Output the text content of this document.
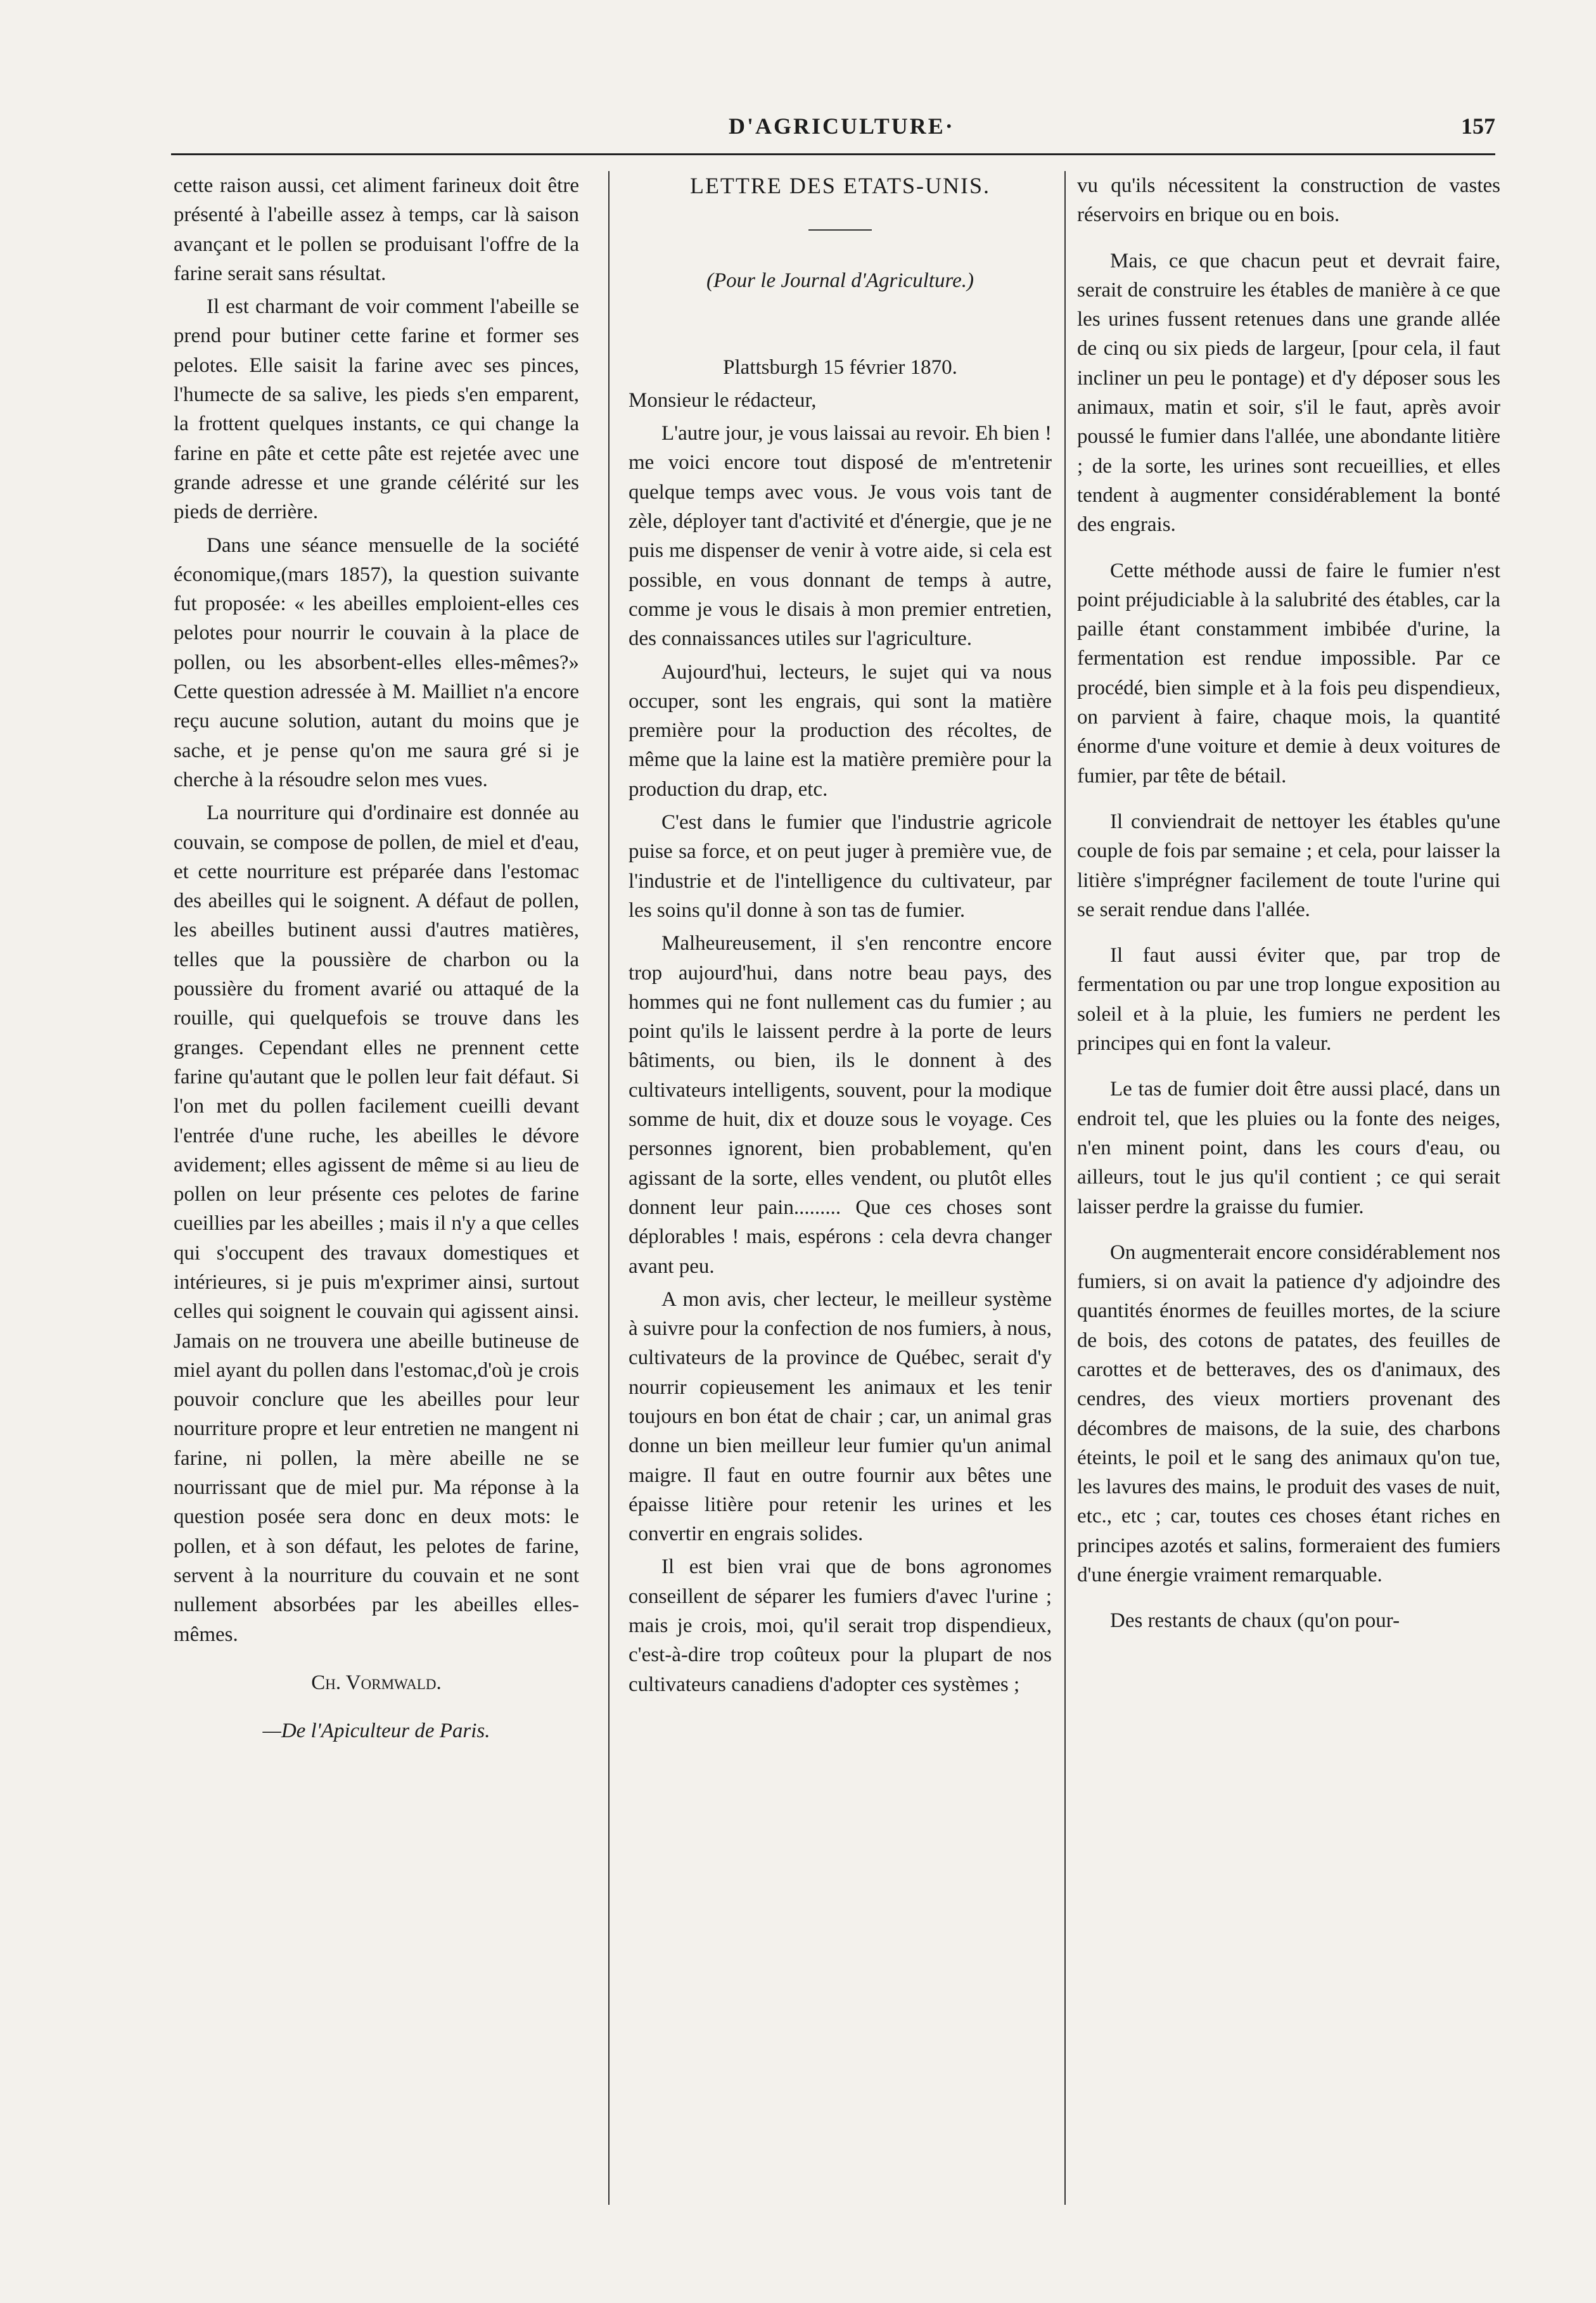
D'AGRICULTURE·	157

cette raison aussi, cet aliment farineux doit être présenté à l'abeille assez à temps, car là saison avançant et le pollen se produisant l'offre de la farine serait sans résultat.

Il est charmant de voir comment l'abeille se prend pour butiner cette farine et former ses pelotes. Elle saisit la farine avec ses pinces, l'humecte de sa salive, les pieds s'en emparent, la frottent quelques instants, ce qui change la farine en pâte et cette pâte est rejetée avec une grande adresse et une grande célérité sur les pieds de derrière.

Dans une séance mensuelle de la société économique,(mars 1857), la question suivante fut proposée: « les abeilles emploient-elles ces pelotes pour nourrir le couvain à la place de pollen, ou les absorbent-elles elles-mêmes?» Cette question adressée à M. Mailliet n'a encore reçu aucune solution, autant du moins que je sache, et je pense qu'on me saura gré si je cherche à la résoudre selon mes vues.

La nourriture qui d'ordinaire est donnée au couvain, se compose de pollen, de miel et d'eau, et cette nourriture est préparée dans l'estomac des abeilles qui le soignent. A défaut de pollen, les abeilles butinent aussi d'autres matières, telles que la poussière de charbon ou la poussière du froment avarié ou attaqué de la rouille, qui quelquefois se trouve dans les granges. Cependant elles ne prennent cette farine qu'autant que le pollen leur fait défaut. Si l'on met du pollen facilement cueilli devant l'entrée d'une ruche, les abeilles le dévore avidement; elles agissent de même si au lieu de pollen on leur présente ces pelotes de farine cueillies par les abeilles ; mais il n'y a que celles qui s'occupent des travaux domestiques et intérieures, si je puis m'exprimer ainsi, surtout celles qui soignent le couvain qui agissent ainsi. Jamais on ne trouvera une abeille butineuse de miel ayant du pollen dans l'estomac,d'où je crois pouvoir conclure que les abeilles pour leur nourriture propre et leur entretien ne mangent ni farine, ni pollen, la mère abeille ne se nourrissant que de miel pur. Ma réponse à la question posée sera donc en deux mots: le pollen, et à son défaut, les pelotes de farine, servent à la nourriture du couvain et ne sont nullement absorbées par les abeilles elles-mêmes.

Ch. Vormwald.

—De l'Apiculteur de Paris.

LETTRE DES ETATS-UNIS.
(Pour le Journal d'Agriculture.)

Plattsburgh 15 février 1870.

Monsieur le rédacteur,

L'autre jour, je vous laissai au revoir. Eh bien ! me voici encore tout disposé de m'entretenir quelque temps avec vous. Je vous vois tant de zèle, déployer tant d'activité et d'énergie, que je ne puis me dispenser de venir à votre aide, si cela est possible, en vous donnant de temps à autre, comme je vous le disais à mon premier entretien, des connaissances utiles sur l'agriculture.

Aujourd'hui, lecteurs, le sujet qui va nous occuper, sont les engrais, qui sont la matière première pour la production des récoltes, de même que la laine est la matière première pour la production du drap, etc.

C'est dans le fumier que l'industrie agricole puise sa force, et on peut juger à première vue, de l'industrie et de l'intelligence du cultivateur, par les soins qu'il donne à son tas de fumier.

Malheureusement, il s'en rencontre encore trop aujourd'hui, dans notre beau pays, des hommes qui ne font nullement cas du fumier ; au point qu'ils le laissent perdre à la porte de leurs bâtiments, ou bien, ils le donnent à des cultivateurs intelligents, souvent, pour la modique somme de huit, dix et douze sous le voyage. Ces personnes ignorent, bien probablement, qu'en agissant de la sorte, elles vendent, ou plutôt elles donnent leur pain......... Que ces choses sont déplorables ! mais, espérons : cela devra changer avant peu.

A mon avis, cher lecteur, le meilleur système à suivre pour la confection de nos fumiers, à nous, cultivateurs de la province de Québec, serait d'y nourrir copieusement les animaux et les tenir toujours en bon état de chair ; car, un animal gras donne un bien meilleur leur fumier qu'un animal maigre. Il faut en outre fournir aux bêtes une épaisse litière pour retenir les urines et les convertir en engrais solides.

Il est bien vrai que de bons agronomes conseillent de séparer les fumiers d'avec l'urine ; mais je crois, moi, qu'il serait trop dispendieux, c'est-à-dire trop coûteux pour la plupart de nos cultivateurs canadiens d'adopter ces systèmes ;

vu qu'ils nécessitent la construction de vastes réservoirs en brique ou en bois.

Mais, ce que chacun peut et devrait faire, serait de construire les étables de manière à ce que les urines fussent retenues dans une grande allée de cinq ou six pieds de largeur, [pour cela, il faut incliner un peu le pontage) et d'y déposer sous les animaux, matin et soir, s'il le faut, après avoir poussé le fumier dans l'allée, une abondante litière ; de la sorte, les urines sont recueillies, et elles tendent à augmenter considérablement la bonté des engrais.

Cette méthode aussi de faire le fumier n'est point préjudiciable à la salubrité des étables, car la paille étant constamment imbibée d'urine, la fermentation est rendue impossible. Par ce procédé, bien simple et à la fois peu dispendieux, on parvient à faire, chaque mois, la quantité énorme d'une voiture et demie à deux voitures de fumier, par tête de bétail.

Il conviendrait de nettoyer les étables qu'une couple de fois par semaine ; et cela, pour laisser la litière s'imprégner facilement de toute l'urine qui se serait rendue dans l'allée.

Il faut aussi éviter que, par trop de fermentation ou par une trop longue exposition au soleil et à la pluie, les fumiers ne perdent les principes qui en font la valeur.

Le tas de fumier doit être aussi placé, dans un endroit tel, que les pluies ou la fonte des neiges, n'en minent point, dans les cours d'eau, ou ailleurs, tout le jus qu'il contient ; ce qui serait laisser perdre la graisse du fumier.

On augmenterait encore considérablement nos fumiers, si on avait la patience d'y adjoindre des quantités énormes de feuilles mortes, de la sciure de bois, des cotons de patates, des feuilles de carottes et de betteraves, des os d'animaux, des cendres, des vieux mortiers provenant des décombres de maisons, de la suie, des charbons éteints, le poil et le sang des animaux qu'on tue, les lavures des mains, le produit des vases de nuit, etc., etc ; car, toutes ces choses étant riches en principes azotés et salins, formeraient des fumiers d'une énergie vraiment remarquable.

Des restants de chaux (qu'on pour-
